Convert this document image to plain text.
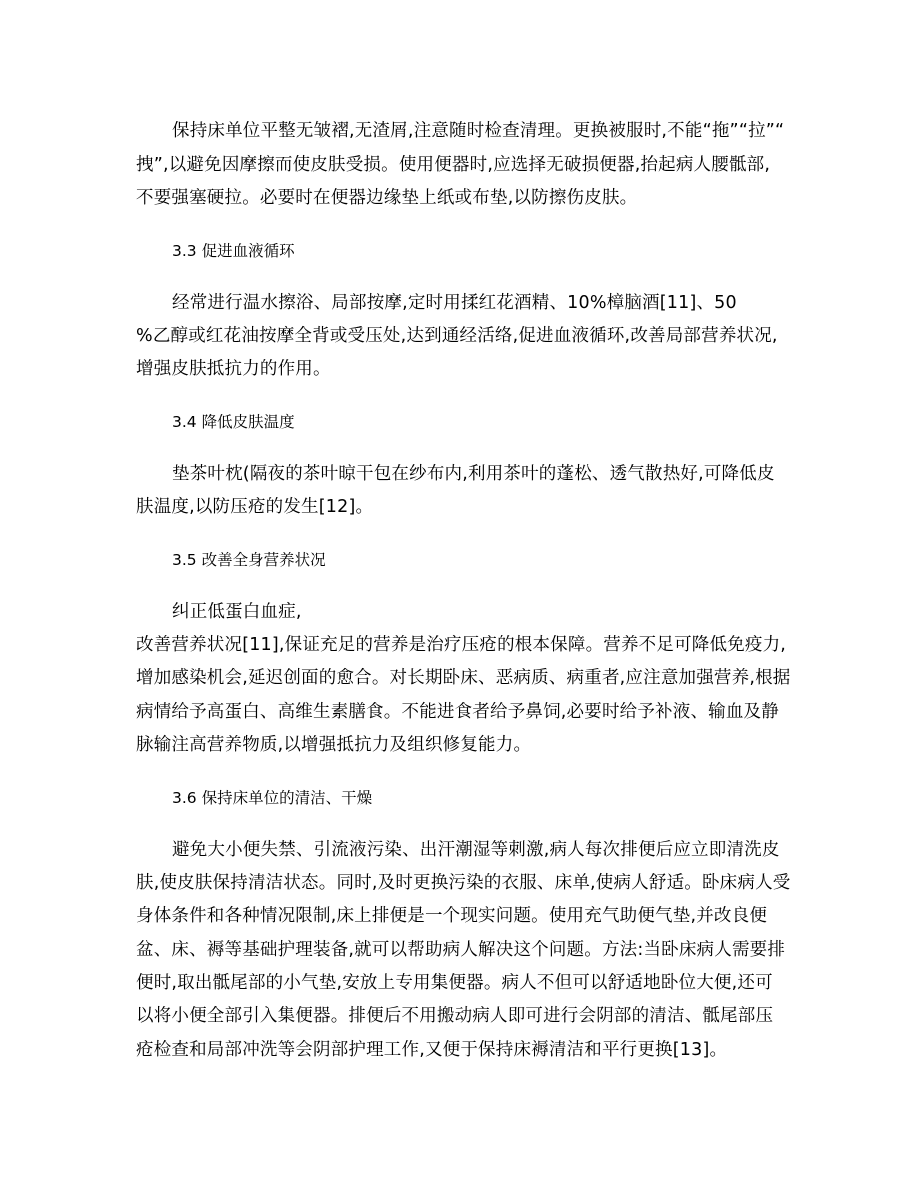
保持床单位平整无皱褶,无渣屑,注意随时检查清理。更换被服时,不能“拖”“拉”“
拽”,以避免因摩擦而使皮肤受损。使用便器时,应选择无破损便器,抬起病人腰骶部,
不要强塞硬拉。必要时在便器边缘垫上纸或布垫,以防擦伤皮肤。
3.3 促进血液循环
经常进行温水擦浴、局部按摩,定时用揉红花酒精、10%樟脑酒[11]、50
%乙醇或红花油按摩全背或受压处,达到通经活络,促进血液循环,改善局部营养状况,
增强皮肤抵抗力的作用。
3.4 降低皮肤温度
垫茶叶枕(隔夜的茶叶晾干包在纱布内,利用茶叶的蓬松、透气散热好,可降低皮
肤温度,以防压疮的发生[12]。
3.5 改善全身营养状况
纠正低蛋白血症,
改善营养状况[11],保证充足的营养是治疗压疮的根本保障。营养不足可降低免疫力,
增加感染机会,延迟创面的愈合。对长期卧床、恶病质、病重者,应注意加强营养,根据
病情给予高蛋白、高维生素膳食。不能进食者给予鼻饲,必要时给予补液、输血及静
脉输注高营养物质,以增强抵抗力及组织修复能力。
3.6 保持床单位的清洁、干燥
避免大小便失禁、引流液污染、出汗潮湿等刺激,病人每次排便后应立即清洗皮
肤,使皮肤保持清洁状态。同时,及时更换污染的衣服、床单,使病人舒适。卧床病人受
身体条件和各种情况限制,床上排便是一个现实问题。使用充气助便气垫,并改良便
盆、床、褥等基础护理装备,就可以帮助病人解决这个问题。方法:当卧床病人需要排
便时,取出骶尾部的小气垫,安放上专用集便器。病人不但可以舒适地卧位大便,还可
以将小便全部引入集便器。排便后不用搬动病人即可进行会阴部的清洁、骶尾部压
疮检查和局部冲洗等会阴部护理工作,又便于保持床褥清洁和平行更换[13]。
